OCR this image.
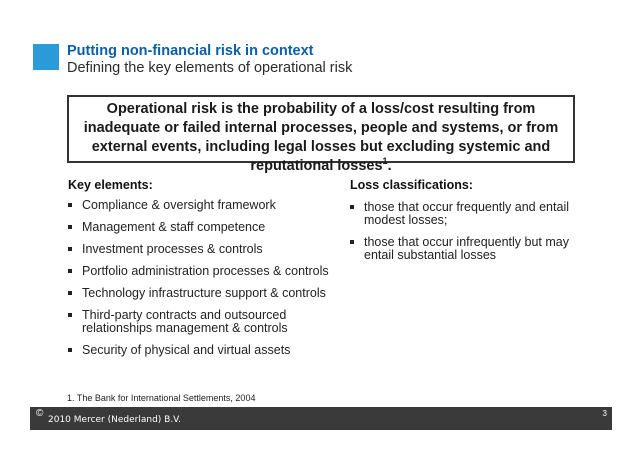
Putting non-financial risk in context
Defining the key elements of operational risk
Operational risk is the probability of a loss/cost resulting from inadequate or failed internal processes, people and systems, or from external events, including legal losses but excluding systemic and reputational losses$^1$.
Key elements:
Compliance & oversight framework
Management & staff competence
Investment processes & controls
Portfolio administration processes & controls
Technology infrastructure support & controls
Third-party contracts and outsourced relationships management & controls
Security of physical and virtual assets
Loss classifications:
those that occur frequently and entail modest losses;
those that occur infrequently but may entail substantial losses
1. The Bank for International Settlements, 2004
©
2010 Mercer (Nederland) B.V.
3
